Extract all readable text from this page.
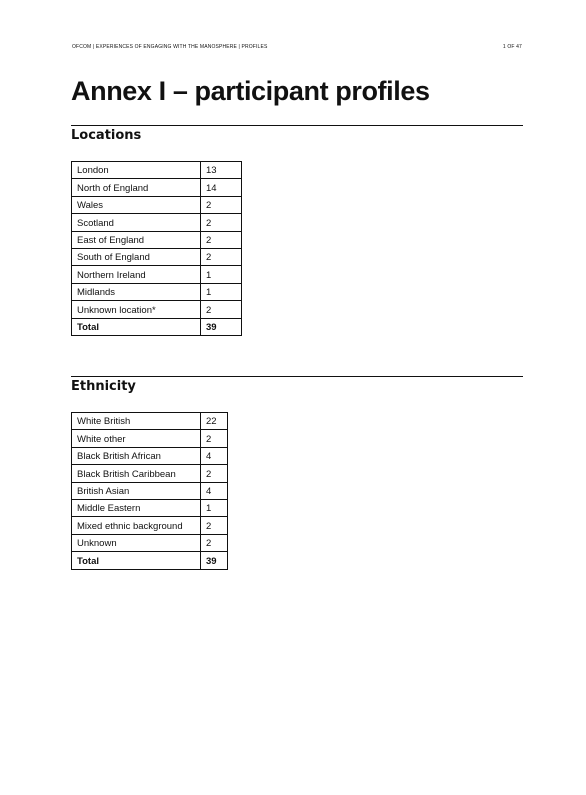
OFCOM | EXPERIENCES OF ENGAGING WITH THE MANOSPHERE | PROFILES	1 OF 47
Annex I – participant profiles
Locations
London	13
North of England	14
Wales	2
Scotland	2
East of England	2
South of England	2
Northern Ireland	1
Midlands	1
Unknown location*	2
Total	39
Ethnicity
White British	22
White other	2
Black British African	4
Black British Caribbean	2
British Asian	4
Middle Eastern	1
Mixed ethnic background	2
Unknown	2
Total	39
